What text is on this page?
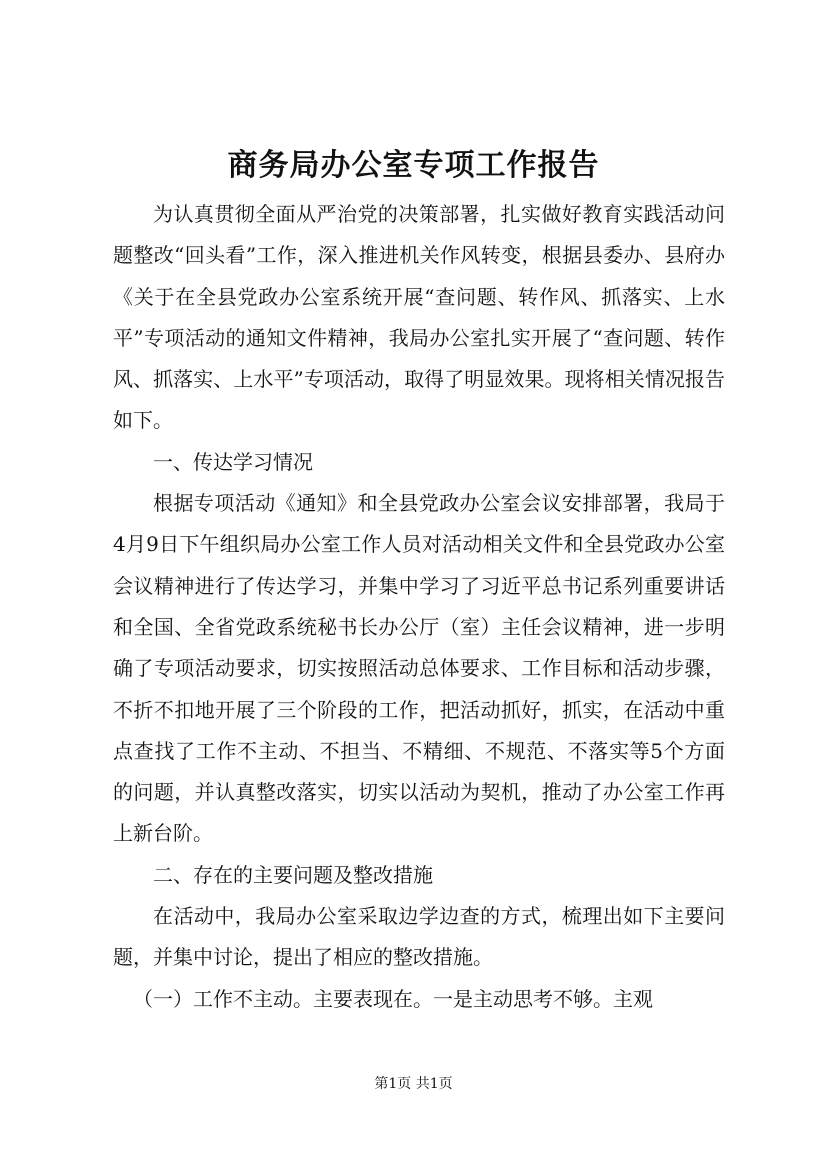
商务局办公室专项工作报告

为认真贯彻全面从严治党的决策部署，扎实做好教育实践活动问题整改“回头看”工作，深入推进机关作风转变，根据县委办、县府办《关于在全县党政办公室系统开展“查问题、转作风、抓落实、上水平”专项活动的通知文件精神，我局办公室扎实开展了“查问题、转作风、抓落实、上水平”专项活动，取得了明显效果。现将相关情况报告如下。

一、传达学习情况

根据专项活动《通知》和全县党政办公室会议安排部署，我局于4月9日下午组织局办公室工作人员对活动相关文件和全县党政办公室会议精神进行了传达学习，并集中学习了习近平总书记系列重要讲话和全国、全省党政系统秘书长办公厅（室）主任会议精神，进一步明确了专项活动要求，切实按照活动总体要求、工作目标和活动步骤，不折不扣地开展了三个阶段的工作，把活动抓好，抓实，在活动中重点查找了工作不主动、不担当、不精细、不规范、不落实等5个方面的问题，并认真整改落实，切实以活动为契机，推动了办公室工作再上新台阶。

二、存在的主要问题及整改措施

在活动中，我局办公室采取边学边查的方式，梳理出如下主要问题，并集中讨论，提出了相应的整改措施。

（一）工作不主动。主要表现在。一是主动思考不够。主观

第1页 共1页
